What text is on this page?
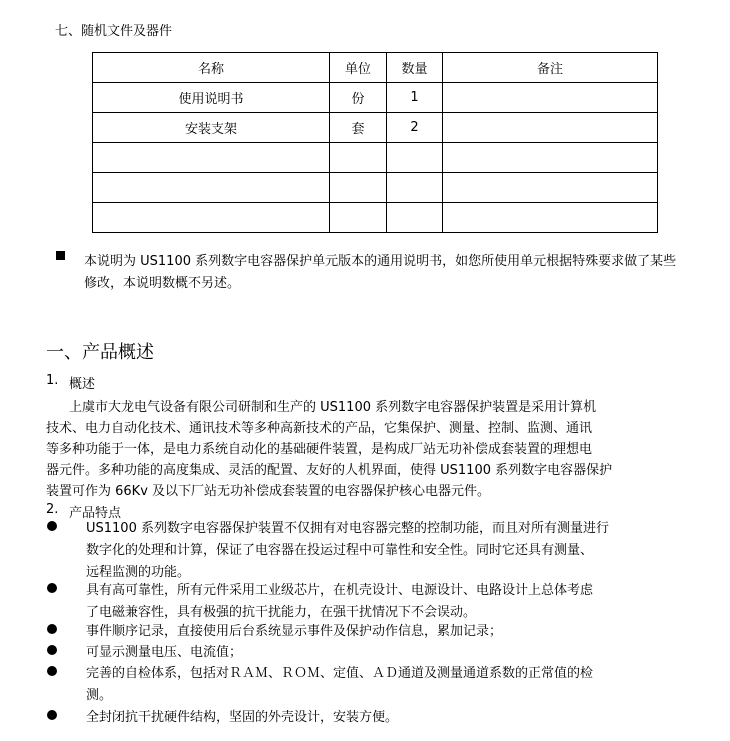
七、随机文件及器件
名称	单位	数量	备注
使用说明书	份	1	
安装支架	套	2	

本说明为 US1100 系列数字电容器保护单元版本的通用说明书，如您所使用单元根据特殊要求做了某些
修改，本说明数概不另述。
一、产品概述
1. 概述
上虞市大龙电气设备有限公司研制和生产的 US1100 系列数字电容器保护装置是采用计算机
技术、电力自动化技术、通讯技术等多种高新技术的产品，它集保护、测量、控制、监测、通讯
等多种功能于一体，是电力系统自动化的基础硬件装置，是构成厂站无功补偿成套装置的理想电
器元件。多种功能的高度集成、灵活的配置、友好的人机界面，使得 US1100 系列数字电容器保护
装置可作为 66Kv 及以下厂站无功补偿成套装置的电容器保护核心电器元件。
2. 产品特点
US1100 系列数字电容器保护装置不仅拥有对电容器完整的控制功能，而且对所有测量进行
数字化的处理和计算，保证了电容器在投运过程中可靠性和安全性。同时它还具有测量、
远程监测的功能。
具有高可靠性，所有元件采用工业级芯片，在机壳设计、电源设计、电路设计上总体考虑
了电磁兼容性，具有极强的抗干扰能力，在强干扰情况下不会误动。
事件顺序记录，直接使用后台系统显示事件及保护动作信息，累加记录；
可显示测量电压、电流值；
完善的自检体系，包括对ＲＡＭ、ＲＯＭ、定值、ＡＤ通道及测量通道系数的正常值的检
测。
全封闭抗干扰硬件结构，坚固的外壳设计，安装方便。
